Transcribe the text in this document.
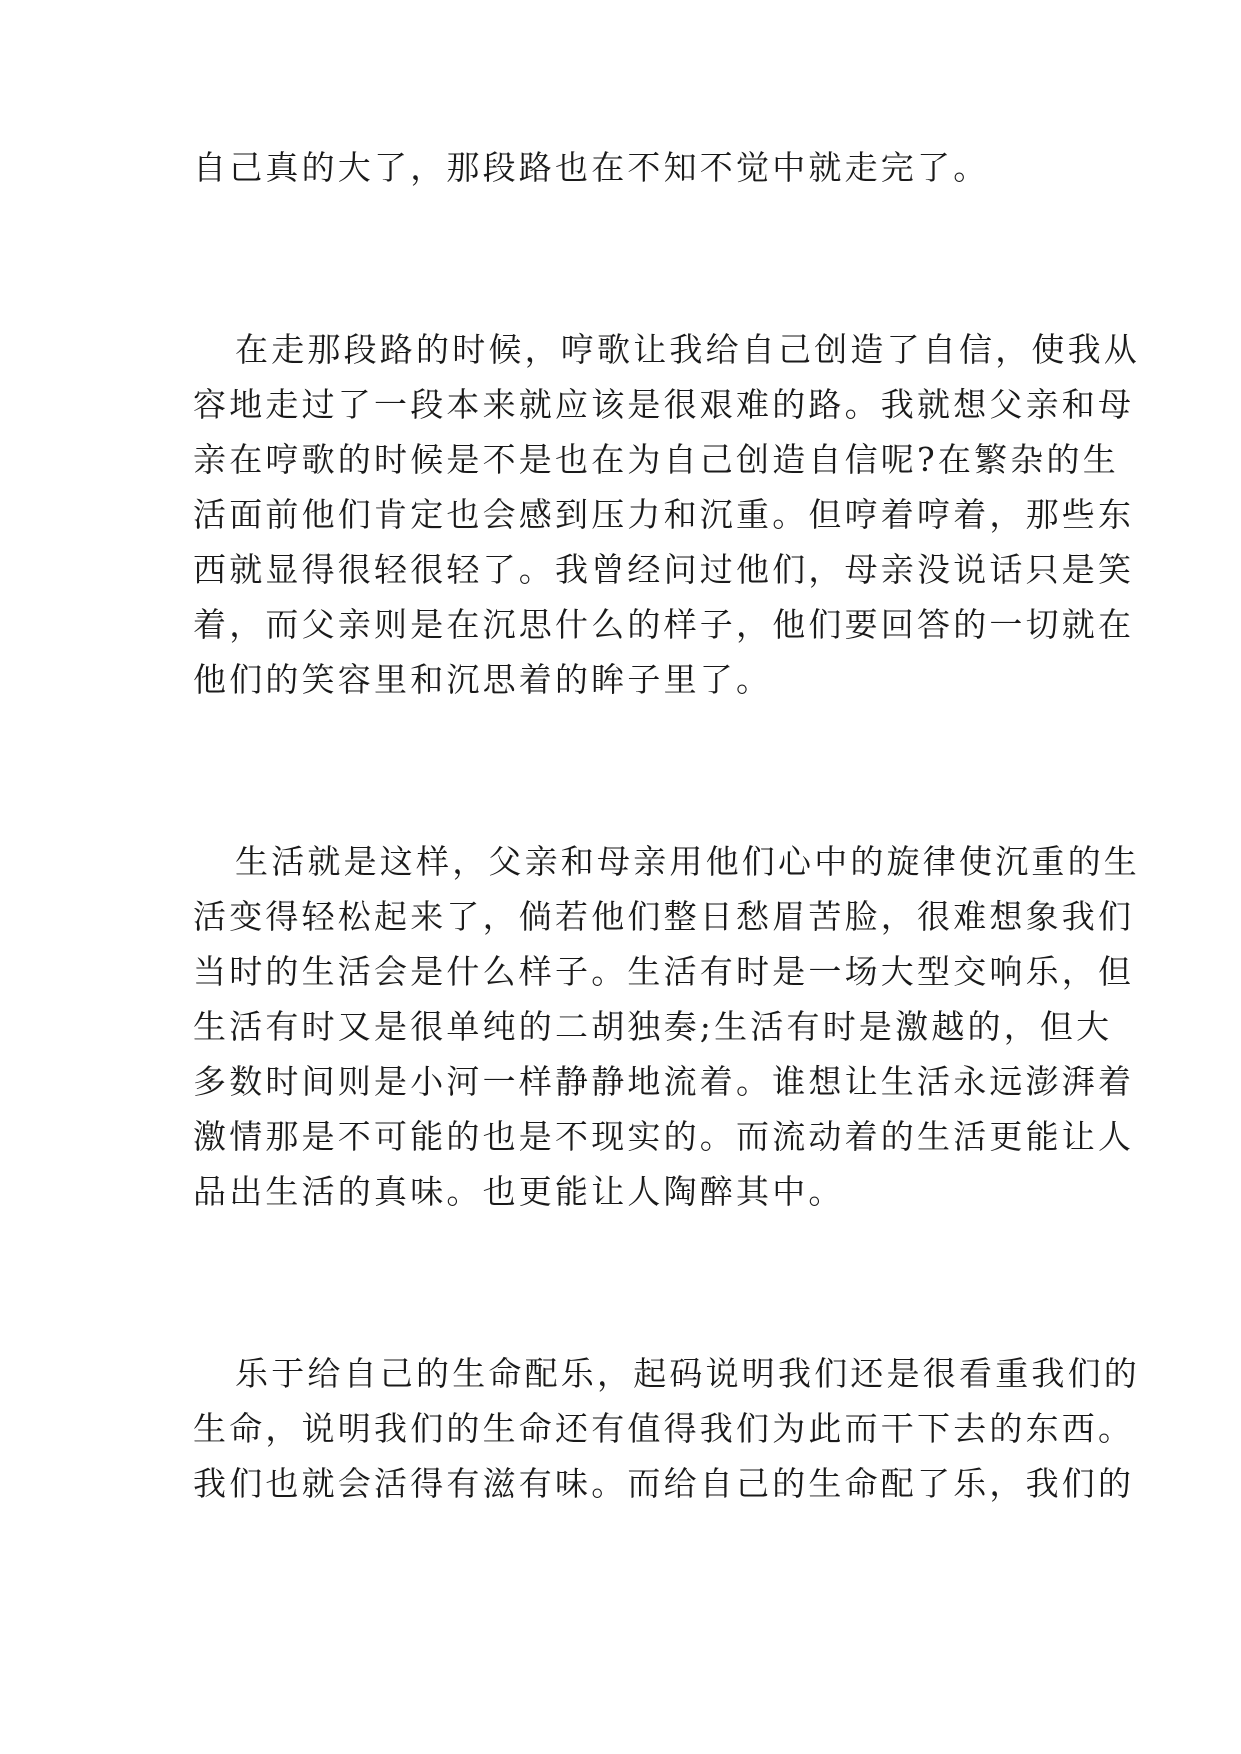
自己真的大了，那段路也在不知不觉中就走完了。
在走那段路的时候，哼歌让我给自己创造了自信，使我从
容地走过了一段本来就应该是很艰难的路。我就想父亲和母
亲在哼歌的时候是不是也在为自己创造自信呢?在繁杂的生
活面前他们肯定也会感到压力和沉重。但哼着哼着，那些东
西就显得很轻很轻了。我曾经问过他们，母亲没说话只是笑
着，而父亲则是在沉思什么的样子，他们要回答的一切就在
他们的笑容里和沉思着的眸子里了。
生活就是这样，父亲和母亲用他们心中的旋律使沉重的生
活变得轻松起来了，倘若他们整日愁眉苦脸，很难想象我们
当时的生活会是什么样子。生活有时是一场大型交响乐，但
生活有时又是很单纯的二胡独奏;生活有时是激越的，但大
多数时间则是小河一样静静地流着。谁想让生活永远澎湃着
激情那是不可能的也是不现实的。而流动着的生活更能让人
品出生活的真味。也更能让人陶醉其中。
乐于给自己的生命配乐，起码说明我们还是很看重我们的
生命，说明我们的生命还有值得我们为此而干下去的东西。
我们也就会活得有滋有味。而给自己的生命配了乐，我们的
